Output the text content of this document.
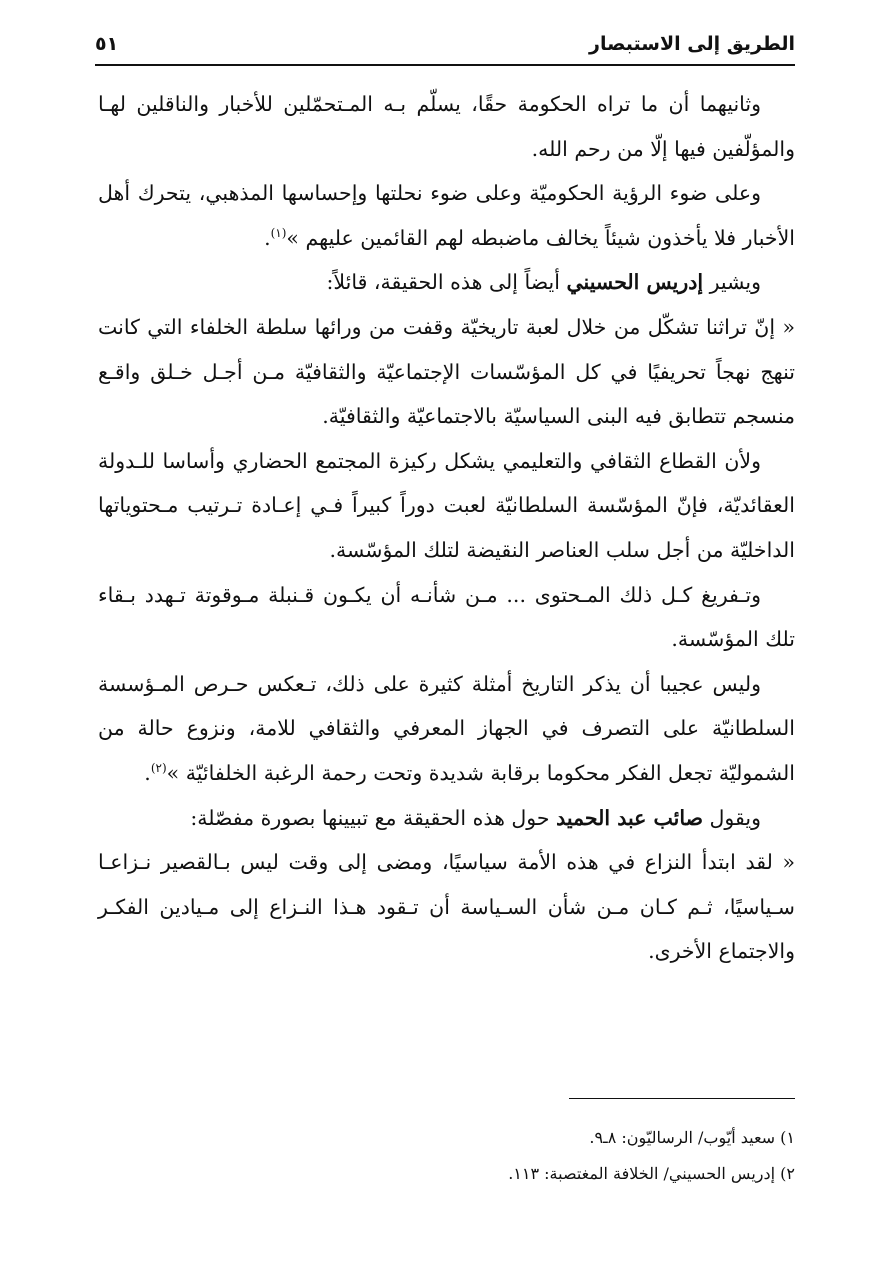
الطريق إلى الاستبصار
٥١

وثانيهما أن ما تراه الحكومة حقًا، يسلّم بـه المـتحمّلين للأخبار والناقلين لهـا والمؤلّفين فيها إلّا من رحم الله.

وعلى ضوء الرؤية الحكوميّة وعلى ضوء نحلتها وإحساسها المذهبي، يتحرك أهل الأخبار فلا يأخذون شيئاً يخالف ماضبطه لهم القائمين عليهم »$^{(١)}$.

ويشير إدريس الحسيني أيضاً إلى هذه الحقيقة، قائلاً:

« إنّ تراثنا تشكّل من خلال لعبة تاريخيّة وقفت من ورائها سلطة الخلفاء التي كانت تنهج نهجاً تحريفيًا في كل المؤسّسات الإجتماعيّة والثقافيّة مـن أجـل خـلق واقـع منسجم تتطابق فيه البنى السياسيّة بالاجتماعيّة والثقافيّة.

ولأن القطاع الثقافي والتعليمي يشكل ركيزة المجتمع الحضاري وأساسا للـدولة العقائديّة، فإنّ المؤسّسة السلطانيّة لعبت دوراً كبيراً فـي إعـادة تـرتيب مـحتوياتها الداخليّة من أجل سلب العناصر النقيضة لتلك المؤسّسة.

وتـفريغ كـل ذلك المـحتوى ... مـن شأنـه أن يكـون قـنبلة مـوقوتة تـهدد بـقاء تلك المؤسّسة.

وليس عجيبا أن يذكر التاريخ أمثلة كثيرة على ذلك، تـعكس حـرص المـؤسسة السلطانيّة على التصرف في الجهاز المعرفي والثقافي للامة، ونزوع حالة من الشموليّة تجعل الفكر محكوما برقابة شديدة وتحت رحمة الرغبة الخلفائيّة »$^{(٢)}$.

ويقول صائب عبد الحميد حول هذه الحقيقة مع تبيينها بصورة مفصّلة:

« لقد ابتدأ النزاع في هذه الأمة سياسيًا، ومضى إلى وقت ليس بـالقصير نـزاعـا سـياسيًا، ثـم كـان مـن شأن السـياسة أن تـقود هـذا النـزاع إلى مـيادين الفكـر والاجتماع الأخرى.

١) سعيد أيّوب/ الرساليّون: ٨ـ٩.
٢) إدريس الحسيني/ الخلافة المغتصبة: ١١٣.
